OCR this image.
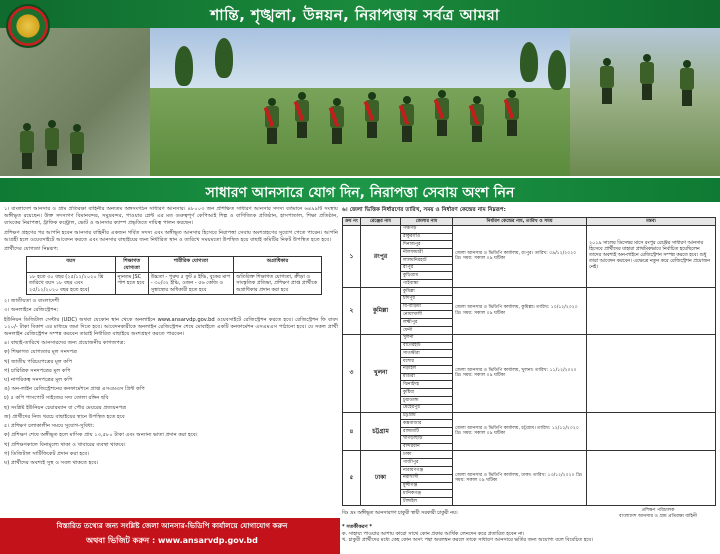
শান্তি, শৃঙ্খলা, উন্নয়ন, নিরাপত্তায় সর্বত্র আমরা
সাধারণ আনসারে যোগ দিন, নিরাপত্তা সেবায় অংশ নিন

১। বাংলাদেশ আনসার ও গ্রাম প্রতিরক্ষা বাহিনীর অন্যতম অঙ্গসংগঠন সাধারণ আনসার। ৪৮০০৩ জন প্রশিক্ষিত সাধারণ আনসার সদস্য বর্তমানে ৬৪৯৯টি সংস্থায় অঙ্গীভূত রয়েছেন। উক্ত সদস্যগণ বিমানবন্দর, সমুদ্রবন্দর, পাওয়ার প্লেন্ট এর মত গুরুত্বপূর্ণ কেপিআই শিল্প ও বাণিজ্যিক প্রতিষ্ঠান, হাসপাতাল, শিক্ষা প্রতিষ্ঠান, ব্যাংকের নিরাপত্তা, ট্রাফিক কন্ট্রোল, ভোট ও আনসার ক্যাম্প প্রভৃতিতে দায়িত্ব পালন করছেন।

প্রশিক্ষণ গ্রহণের পর আপনি হবেন আনসার বাহিনীর একজন গর্বিত সদস্য এবং অঙ্গীভূত আনসার হিসেবে নিরাপত্তা সেবায় অংশগ্রহণের সুযোগ পেতে পারেন। আপনি আগ্রহী হলে ওয়েবসাইটে আবেদন করতে এবং আনসার বাছাইয়ের জন্য নির্ধারিত স্থান ও তারিখে সময়মতো উপস্থিত হয়ে বাছাই কমিটির নিকট উপস্থিত হতে হবে।

প্রার্থীদের যোগ্যতা নিম্নরূপ:

বয়স	শিক্ষাগত যোগ্যতা	শারীরিক যোগ্যতা	অগ্রাধিকার
১৮ হতে ৩০ বছর (২৫/১২/২০২০ খ্রি তারিখে বয়স ১৮ বছর এবং ২৫/১২/২০২০ বছর হতে হবে)	ন্যূনতম JSC পাশ হতে হবে	উচ্চতা - পুরুষ ৫ ফুট ৪ ইঞ্চি, বুকের মাপ - ৩০/৩২ ইঞ্চি, ওজন - ৫৬ কেজি ও সুস্বাস্থ্যের অধিকারী হতে হবে	অতিরিক্ত শিক্ষাগত যোগ্যতা, ক্রীড়া ও সাংস্কৃতিক প্রতিভা, প্রশিক্ষণ প্রাপ্ত প্রার্থীকে অগ্রাধিকার প্রদান করা হবে

২। জাতীয়তা ও বাংলাদেশী

৩। অনলাইনে রেজিস্ট্রেশন:

ইউনিয়ন ডিজিটাল সেন্টার (UDC) অথবা যেকোন স্থান থেকে অনলাইনে www.ansarvdp.gov.bd ওয়েবসাইটে রেজিস্ট্রেশন করতে হবে। রেজিস্ট্রেশন ফি বাবদ ১২০/- টাকা বিকাশ এর মাধ্যমে জমা দিতে হবে। আবেদনকারীকে অনলাইন রেজিস্ট্রেশন শেষে মোবাইলে একটি কনফার্মেশন এসএমএস পাঠানো হবে। যে সকল প্রার্থী অনলাইন রেজিস্ট্রেশন সম্পন্ন করবেন তারাই নির্ধারিত বাছাইয়ে অংশগ্রহণ করতে পারবেন।

৪। বাছাই-তারিখে আনসারদের জন্য প্রয়োজনীয় কাগজপত্র:

ক) শিক্ষাগত যোগ্যতার মূল সনদপত্র

খ) জাতীয় পরিচয়পত্রের মূল কপি

গ) চারিত্রিক সনদপত্রের মূল কপি

ঘ) নাগরিকত্ব সনদপত্রের মূল কপি

ঙ) অন-লাইন রেজিস্ট্রেশনের কনফার্মেশনে প্রাপ্ত এসএমএস প্রিন্ট কপি

চ) ৫ কপি পাসপোর্ট সাইজের সদ্য তোলা রঙ্গিন ছবি

ছ) সংশ্লিষ্ট ইউনিয়ন চেয়ারম্যান বা পৌর মেয়রের প্রত্যয়নপত্র

জ) প্রার্থীদের নিজ খরচে বাছাইয়ের স্থানে উপস্থিত হতে হবে

৫। প্রশিক্ষণ চলাকালীন সময়ে সুযোগ-সুবিধা:

ক) প্রশিক্ষণ শেষে অঙ্গীভূত হলে মাসিক প্রায় ১৩,৫৮০ টাকা এবং অন্যান্য ভাতা প্রদান করা হবে।

খ) প্রশিক্ষণকালে বিনামূল্যে থাকা ও খাবারের ব্যবস্থা থাকবে।

গ) ডিজিটাল সার্টিফিকেট প্রদান করা হবে।

ঘ) প্রার্থীদের অবশ্যই সুস্থ ও সবল থাকতে হবে।

৬। জেলা ভিত্তিক নির্ধারণের তারিখ, সময় ও নির্ধারণ কেন্দ্রের নাম নিম্নরূপ:
ক্রম নং	রেঞ্জের নাম	জেলার নাম	নির্ধারণ কেন্দ্রের নাম, তারিখ ও সময়	মন্তব্য
১	রংপুর	পঞ্চগড়	জেলা আনসার ও ভিডিপি কার্যালয়, রংপুর। তারিখ: ০৯/১২/২০২০ খ্রি। সময়: সকাল ০৯ ঘটিকা	২০১৯ সালের ডিসেম্বর মাসে রংপুর রেঞ্জের সাধারণ আনসার হিসেবে প্রার্থীদের যাহারা প্রাথমিকভাবে নির্বাচিত হয়েছিলেন তাদের অবশ্যই অন-লাইনে রেজিস্ট্রেশন সম্পন্ন করতে হবে। শুধু তারা আবেদন করবেন। এক্ষেত্রে নতুন করে রেজিস্ট্রেশন প্রয়োজন নেই।
		ঠাকুরগাঁও		
		দিনাজপুর		
		নীলফামারী		
		লালমনিরহাট		
		রংপুর		
		কুড়িগ্রাম		
		গাইবান্ধা		
২	কুমিল্লা	কুমিল্লা	জেলা আনসার ও ভিডিপি কার্যালয়, কুমিল্লা। তারিখ: ১০/১২/২০২০ খ্রি। সময়: সকাল ০৯ ঘটিকা	
		চাঁদপুর		
		বি-বাড়িয়া		
		নোয়াখালী		
		লক্ষ্মীপুর		
		ফেনী		
৩	খুলনা	খুলনা	জেলা আনসার ও ভিডিপি কার্যালয়, খুলনা। তারিখ: ১১/১২/২০২০ খ্রি। সময়: সকাল ০৯ ঘটিকা	
		বাগেরহাট		
		সাতক্ষীরা		
		যশোর		
		নড়াইল		
		মাগুরা		
		ঝিনাইদহ		
		কুষ্টিয়া		
		চুয়াডাঙ্গা		
		মেহেরপুর		
৪	চট্টগ্রাম	চট্টগ্রাম	জেলা আনসার ও ভিডিপি কার্যালয়, চট্টগ্রাম। তারিখ: ১২/১২/২০২০ খ্রি। সময়: সকাল ০৯ ঘটিকা	
		কক্সবাজার		
		রাঙ্গামাটি		
		খাগড়াছড়ি		
		বান্দরবান		
৫	ঢাকা	ঢাকা	জেলা আনসার ও ভিডিপি কার্যালয়, ঢাকা। তারিখ: ১৩/১২/২০২০ খ্রি। সময়: সকাল ০৯ ঘটিকা	
		গাজীপুর		
		নারায়ণগঞ্জ		
		নরসিংদী		
		মুন্সীগঞ্জ		
		মানিকগঞ্জ		
		টাঙ্গাইল		
বিঃ দ্রঃ অঙ্গীভূত আনসারগণ চাকুরী স্থায়ী সরকারী চাকুরী নয়।
প্রশিক্ষণ পরিচালক
বাংলাদেশ আনসার ও গ্রাম প্রতিরক্ষা বাহিনী
বিস্তারিত তথ্যের জন্য সংশ্লিষ্ট জেলা আনসার-ভিডিপি কার্যালয়ে যোগাযোগ করুন
অথবা ভিজিট করুন : www.ansarvdp.gov.bd
* সতর্কীকরণ *
ক. সাহায্য পাওয়ার আশায় কারো সাথে কোন প্রকার আর্থিক লেনদেন করে প্রতারিত হবেন না।
খ. চাকুরী প্রার্থীদের মধ্যে কেহ কোন অসৎ পন্থা অবলম্বন করলে তাকে সাধারণ আনসারে ভর্তির জন্য অযোগ্য বলে বিবেচিত হবে।
